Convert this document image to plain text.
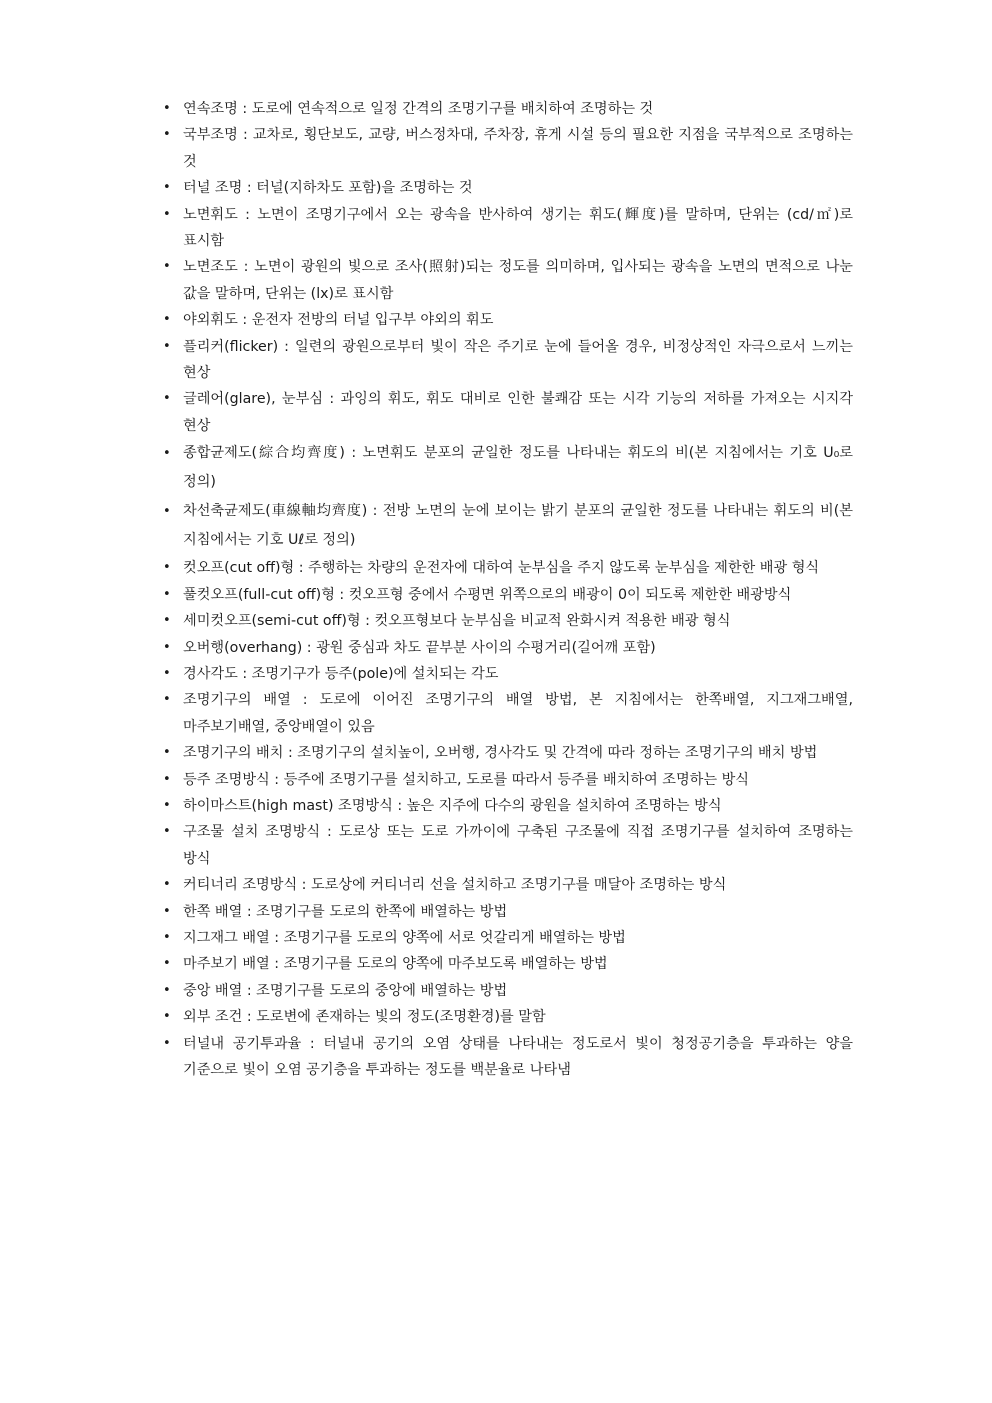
• 연속조명 : 도로에 연속적으로 일정 간격의 조명기구를 배치하여 조명하는 것
• 국부조명 : 교차로, 횡단보도, 교량, 버스정차대, 주차장, 휴게 시설 등의 필요한 지점을 국부적으로 조명하는 것
• 터널 조명 : 터널(지하차도 포함)을 조명하는 것
• 노면휘도 : 노면이 조명기구에서 오는 광속을 반사하여 생기는 휘도(輝度)를 말하며, 단위는 (cd/㎡)로 표시함
• 노면조도 : 노면이 광원의 빛으로 조사(照射)되는 정도를 의미하며, 입사되는 광속을 노면의 면적으로 나눈 값을 말하며, 단위는 (lx)로 표시함
• 야외휘도 : 운전자 전방의 터널 입구부 야외의 휘도
• 플리커(flicker) : 일련의 광원으로부터 빛이 작은 주기로 눈에 들어올 경우, 비정상적인 자극으로서 느끼는 현상
• 글레어(glare), 눈부심 : 과잉의 휘도, 휘도 대비로 인한 불쾌감 또는 시각 기능의 저하를 가져오는 시지각 현상
• 종합균제도(綜合均齊度) : 노면휘도 분포의 균일한 정도를 나타내는 휘도의 비(본 지침에서는 기호 U₀로 정의)
• 차선축균제도(車線軸均齊度) : 전방 노면의 눈에 보이는 밝기 분포의 균일한 정도를 나타내는 휘도의 비(본 지침에서는 기호 Uℓ로 정의)
• 컷오프(cut off)형 : 주행하는 차량의 운전자에 대하여 눈부심을 주지 않도록 눈부심을 제한한 배광 형식
• 풀컷오프(full-cut off)형 : 컷오프형 중에서 수평면 위쪽으로의 배광이 0이 되도록 제한한 배광방식
• 세미컷오프(semi-cut off)형 : 컷오프형보다 눈부심을 비교적 완화시켜 적용한 배광 형식
• 오버행(overhang) : 광원 중심과 차도 끝부분 사이의 수평거리(길어깨 포함)
• 경사각도 : 조명기구가 등주(pole)에 설치되는 각도
• 조명기구의 배열 : 도로에 이어진 조명기구의 배열 방법, 본 지침에서는 한쪽배열, 지그재그배열, 마주보기배열, 중앙배열이 있음
• 조명기구의 배치 : 조명기구의 설치높이, 오버행, 경사각도 및 간격에 따라 정하는 조명기구의 배치 방법
• 등주 조명방식 : 등주에 조명기구를 설치하고, 도로를 따라서 등주를 배치하여 조명하는 방식
• 하이마스트(high mast) 조명방식 : 높은 지주에 다수의 광원을 설치하여 조명하는 방식
• 구조물 설치 조명방식 : 도로상 또는 도로 가까이에 구축된 구조물에 직접 조명기구를 설치하여 조명하는 방식
• 커티너리 조명방식 : 도로상에 커티너리 선을 설치하고 조명기구를 매달아 조명하는 방식
• 한쪽 배열 : 조명기구를 도로의 한쪽에 배열하는 방법
• 지그재그 배열 : 조명기구를 도로의 양쪽에 서로 엇갈리게 배열하는 방법
• 마주보기 배열 : 조명기구를 도로의 양쪽에 마주보도록 배열하는 방법
• 중앙 배열 : 조명기구를 도로의 중앙에 배열하는 방법
• 외부 조건 : 도로변에 존재하는 빛의 정도(조명환경)를 말함
• 터널내 공기투과율 : 터널내 공기의 오염 상태를 나타내는 정도로서 빛이 청정공기층을 투과하는 양을 기준으로 빛이 오염 공기층을 투과하는 정도를 백분율로 나타냄
